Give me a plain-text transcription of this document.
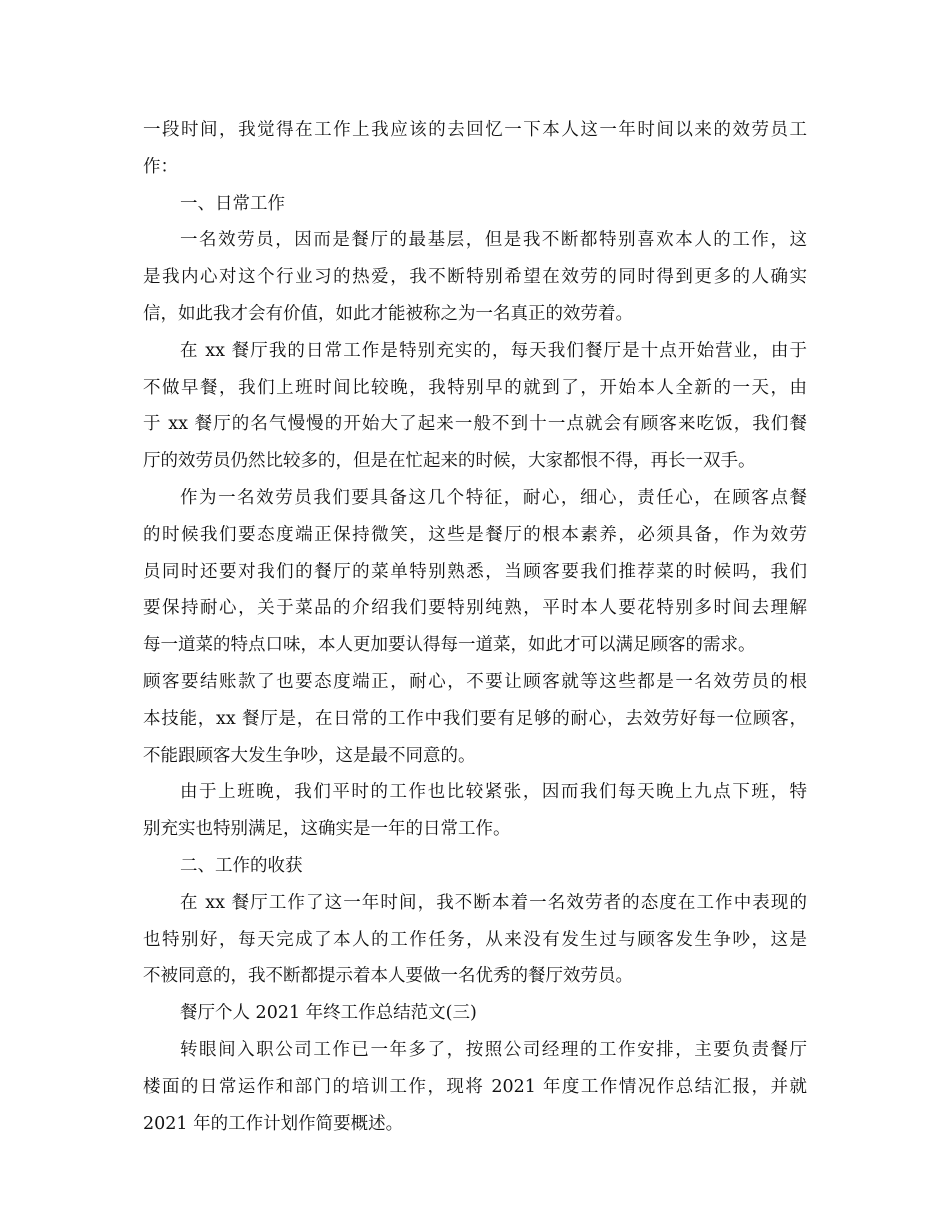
一段时间，我觉得在工作上我应该的去回忆一下本人这一年时间以来的效劳员工
作：
一、日常工作
一名效劳员，因而是餐厅的最基层，但是我不断都特别喜欢本人的工作，这
是我内心对这个行业习的热爱，我不断特别希望在效劳的同时得到更多的人确实
信，如此我才会有价值，如此才能被称之为一名真正的效劳着。
在 xx 餐厅我的日常工作是特别充实的，每天我们餐厅是十点开始营业，由于
不做早餐，我们上班时间比较晚，我特别早的就到了，开始本人全新的一天，由
于 xx 餐厅的名气慢慢的开始大了起来一般不到十一点就会有顾客来吃饭，我们餐
厅的效劳员仍然比较多的，但是在忙起来的时候，大家都恨不得，再长一双手。
作为一名效劳员我们要具备这几个特征，耐心，细心，责任心，在顾客点餐
的时候我们要态度端正保持微笑，这些是餐厅的根本素养，必须具备，作为效劳
员同时还要对我们的餐厅的菜单特别熟悉，当顾客要我们推荐菜的时候吗，我们
要保持耐心，关于菜品的介绍我们要特别纯熟，平时本人要花特别多时间去理解
每一道菜的特点口味，本人更加要认得每一道菜，如此才可以满足顾客的需求。
顾客要结账款了也要态度端正，耐心，不要让顾客就等这些都是一名效劳员的根
本技能，xx 餐厅是，在日常的工作中我们要有足够的耐心，去效劳好每一位顾客，
不能跟顾客大发生争吵，这是最不同意的。
由于上班晚，我们平时的工作也比较紧张，因而我们每天晚上九点下班，特
别充实也特别满足，这确实是一年的日常工作。
二、工作的收获
在 xx 餐厅工作了这一年时间，我不断本着一名效劳者的态度在工作中表现的
也特别好，每天完成了本人的工作任务，从来没有发生过与顾客发生争吵，这是
不被同意的，我不断都提示着本人要做一名优秀的餐厅效劳员。
餐厅个人 2021 年终工作总结范文(三)
转眼间入职公司工作已一年多了，按照公司经理的工作安排，主要负责餐厅
楼面的日常运作和部门的培训工作，现将 2021 年度工作情况作总结汇报，并就
2021 年的工作计划作简要概述。
